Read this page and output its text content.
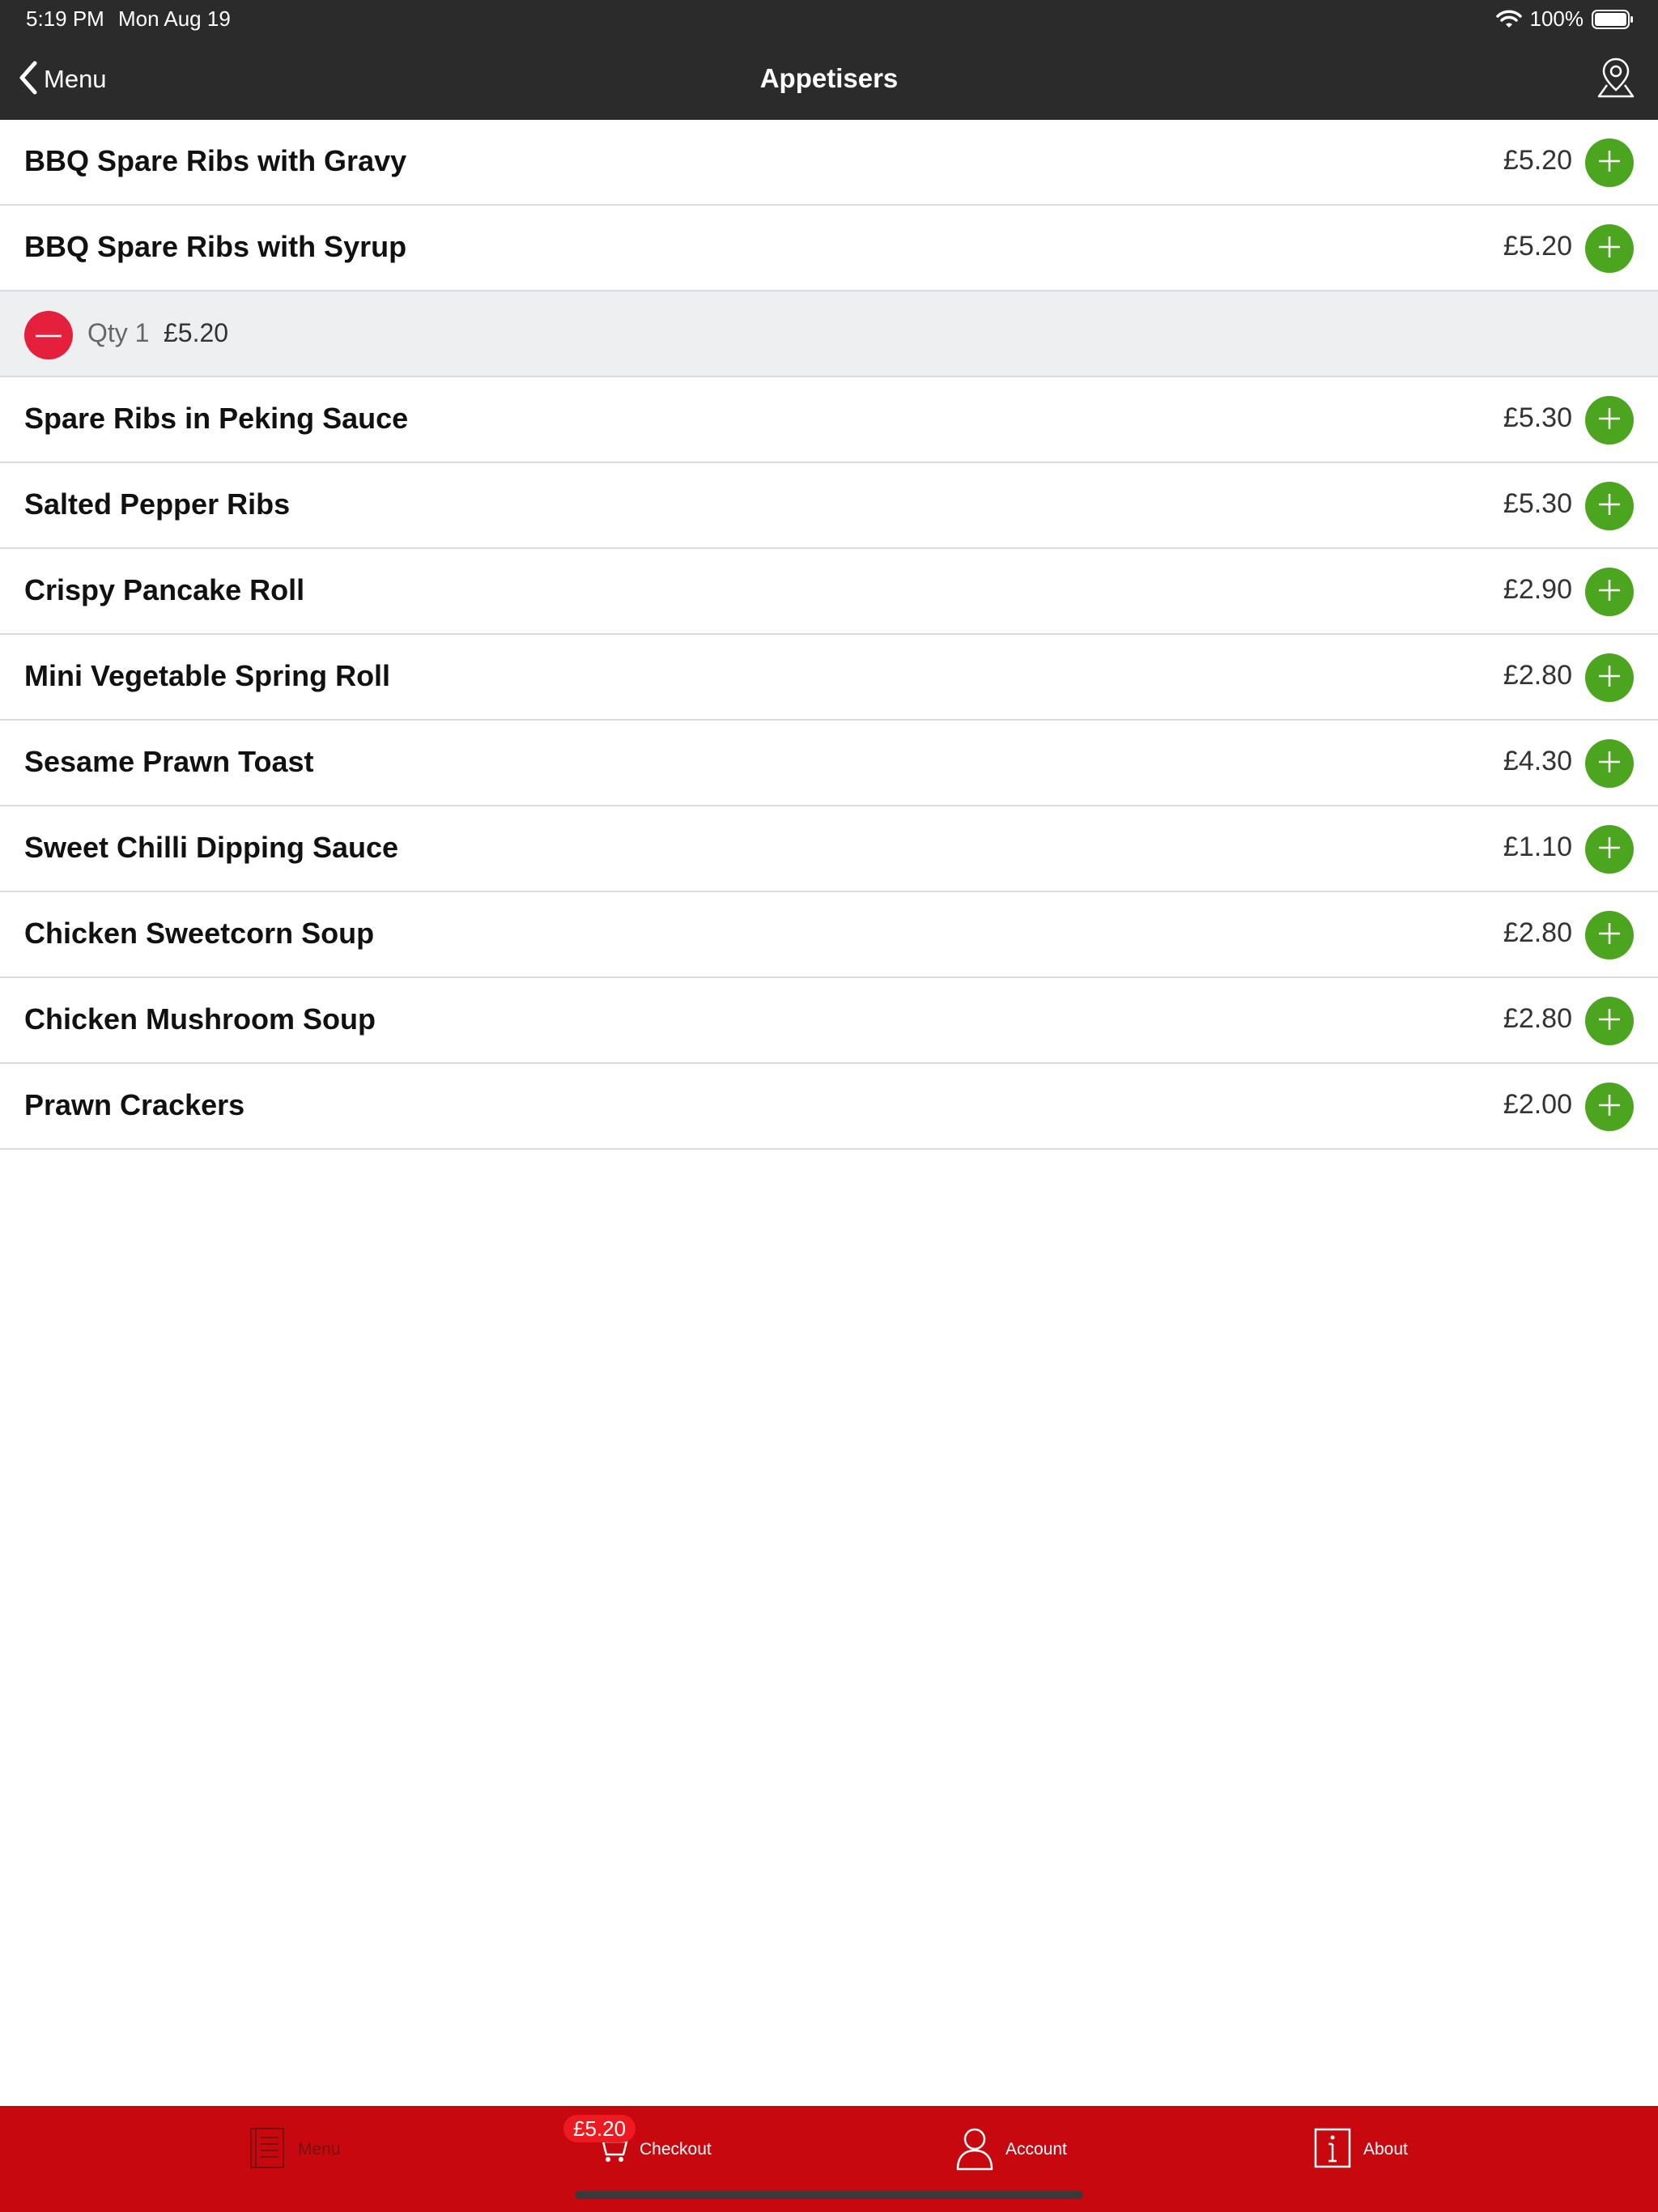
5:19 PM Mon Aug 19	100%
Menu	Appetisers
BBQ Spare Ribs with Gravy	£5.20
BBQ Spare Ribs with Syrup	£5.20
Qty 1 £5.20
Spare Ribs in Peking Sauce	£5.30
Salted Pepper Ribs	£5.30
Crispy Pancake Roll	£2.90
Mini Vegetable Spring Roll	£2.80
Sesame Prawn Toast	£4.30
Sweet Chilli Dipping Sauce	£1.10
Chicken Sweetcorn Soup	£2.80
Chicken Mushroom Soup	£2.80
Prawn Crackers	£2.00
Menu	Checkout	Account	About
£5.20
